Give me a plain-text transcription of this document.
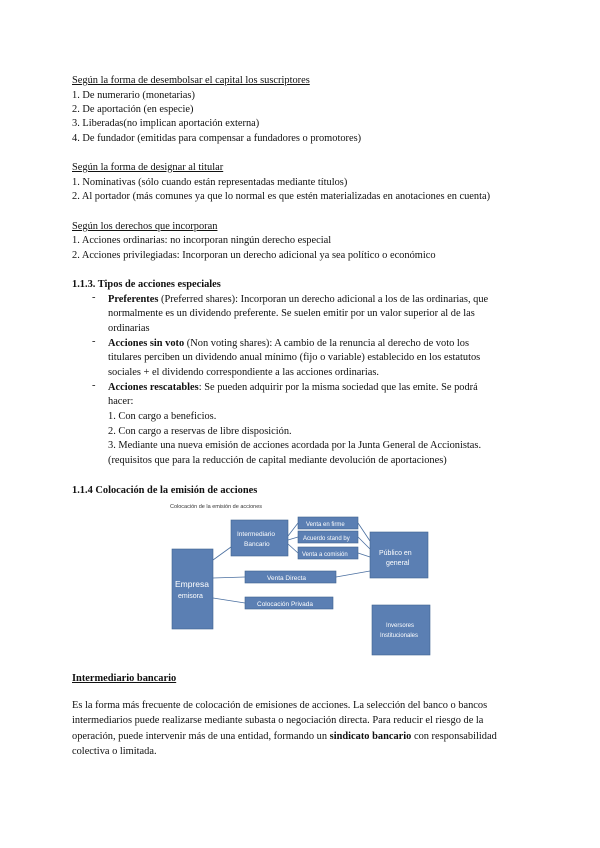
Según la forma de desembolsar el capital los suscriptores
1. De numerario (monetarias)
2. De aportación (en especie)
3. Liberadas(no implican aportación externa)
4. De fundador (emitidas para compensar a fundadores o promotores)
Según la forma de designar al titular
1. Nominativas (sólo cuando están representadas mediante títulos)
2. Al portador (más comunes ya que lo normal es que estén materializadas en anotaciones en cuenta)
Según los derechos que incorporan
1. Acciones ordinarias: no incorporan ningún derecho especial
2. Acciones privilegiadas: Incorporan un derecho adicional ya sea político o económico
1.1.3. Tipos de acciones especiales
- Preferentes (Preferred shares): Incorporan un derecho adicional a los de las ordinarias, que
normalmente es un dividendo preferente. Se suelen emitir por un valor superior al de las
ordinarias
- Acciones sin voto (Non voting shares): A cambio de la renuncia al derecho de voto los
titulares perciben un dividendo anual mínimo (fijo o variable) establecido en los estatutos
sociales + el dividendo correspondiente a las acciones ordinarias.
- Acciones rescatables: Se pueden adquirir por la misma sociedad que las emite. Se podrá
hacer:
1. Con cargo a beneficios.
2. Con cargo a reservas de libre disposición.
3. Mediante una nueva emisión de acciones acordada por la Junta General de Accionistas.
(requisitos que para la reducción de capital mediante devolución de aportaciones)
1.1.4 Colocación de la emisión de acciones
Colocación de la emisión de acciones
Empresa
emisora
Intermediario
Bancario
Venta en firme
Acuerdo stand by
Venta a comisión	Público en
general
Venta Directa
Colocación Privada
Inversores
Institucionales
Intermediario bancario
Es la forma más frecuente de colocación de emisiones de acciones. La selección del banco o bancos
intermediarios puede realizarse mediante subasta o negociación directa. Para reducir el riesgo de la
operación, puede intervenir más de una entidad, formando un sindicato bancario con responsabilidad
colectiva o limitada.
